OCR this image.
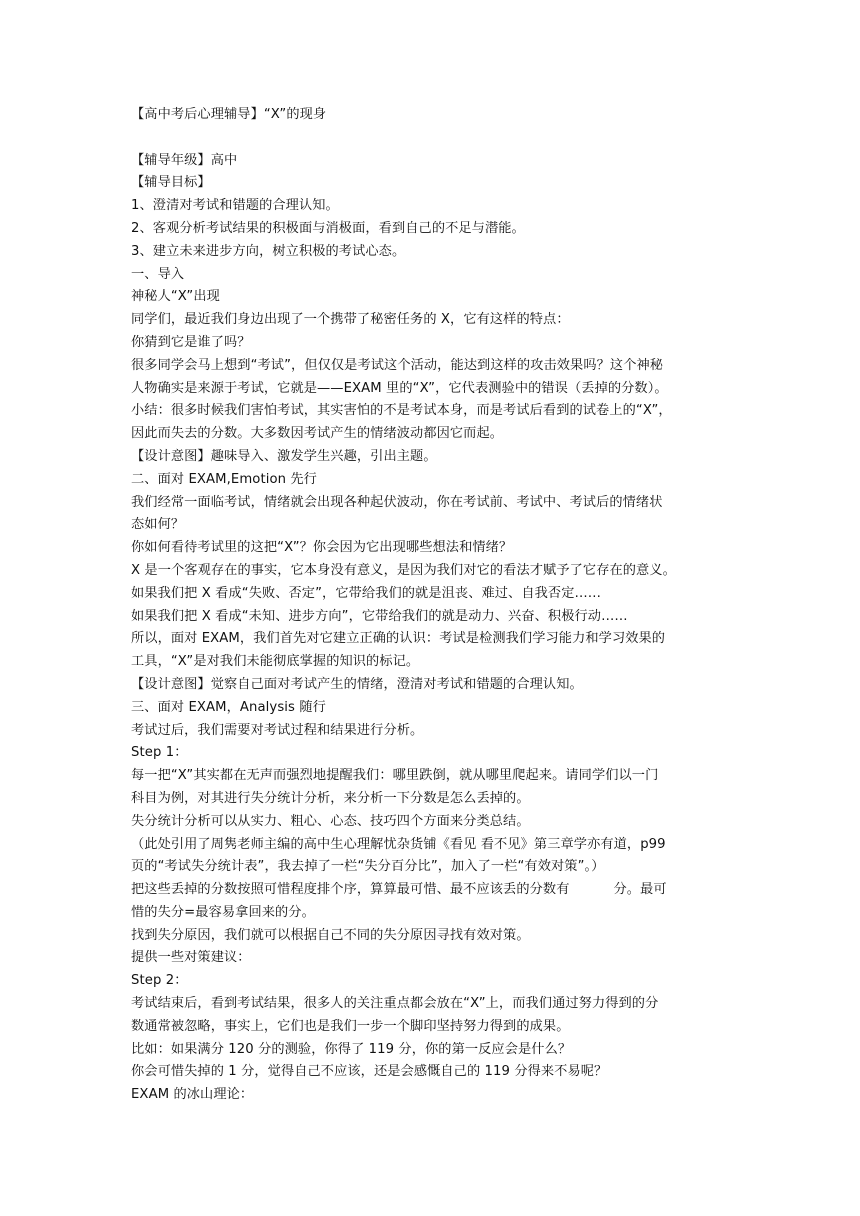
【高中考后心理辅导】“X”的现身
【辅导年级】高中
【辅导目标】
1、澄清对考试和错题的合理认知。
2、客观分析考试结果的积极面与消极面，看到自己的不足与潜能。
3、建立未来进步方向，树立积极的考试心态。
一、导入
神秘人“X”出现
同学们，最近我们身边出现了一个携带了秘密任务的 X，它有这样的特点：
你猜到它是谁了吗？
很多同学会马上想到“考试”，但仅仅是考试这个活动，能达到这样的攻击效果吗？这个神秘
人物确实是来源于考试，它就是——EXAM 里的“X”，它代表测验中的错误（丢掉的分数）。
小结：很多时候我们害怕考试，其实害怕的不是考试本身，而是考试后看到的试卷上的“X”，
因此而失去的分数。大多数因考试产生的情绪波动都因它而起。
【设计意图】趣味导入、激发学生兴趣，引出主题。
二、面对 EXAM,Emotion 先行
我们经常一面临考试，情绪就会出现各种起伏波动，你在考试前、考试中、考试后的情绪状
态如何？
你如何看待考试里的这把“X”？你会因为它出现哪些想法和情绪？
X 是一个客观存在的事实，它本身没有意义，是因为我们对它的看法才赋予了它存在的意义。
如果我们把 X 看成“失败、否定”，它带给我们的就是沮丧、难过、自我否定……
如果我们把 X 看成“未知、进步方向”，它带给我们的就是动力、兴奋、积极行动……
所以，面对 EXAM，我们首先对它建立正确的认识：考试是检测我们学习能力和学习效果的
工具，“X”是对我们未能彻底掌握的知识的标记。
【设计意图】觉察自己面对考试产生的情绪，澄清对考试和错题的合理认知。
三、面对 EXAM，Analysis 随行
考试过后，我们需要对考试过程和结果进行分析。
Step 1：
每一把“X”其实都在无声而强烈地提醒我们：哪里跌倒，就从哪里爬起来。请同学们以一门
科目为例，对其进行失分统计分析，来分析一下分数是怎么丢掉的。
失分统计分析可以从实力、粗心、心态、技巧四个方面来分类总结。
（此处引用了周隽老师主编的高中生心理解忧杂货铺《看见 看不见》第三章学亦有道，p99
页的“考试失分统计表”，我去掉了一栏“失分百分比”，加入了一栏“有效对策”。）
把这些丢掉的分数按照可惜程度排个序，算算最可惜、最不应该丢的分数有	分。最可
惜的失分=最容易拿回来的分。
找到失分原因，我们就可以根据自己不同的失分原因寻找有效对策。
提供一些对策建议：
Step 2：
考试结束后，看到考试结果，很多人的关注重点都会放在“X”上，而我们通过努力得到的分
数通常被忽略，事实上，它们也是我们一步一个脚印坚持努力得到的成果。
比如：如果满分 120 分的测验，你得了 119 分，你的第一反应会是什么？
你会可惜失掉的 1 分，觉得自己不应该，还是会感慨自己的 119 分得来不易呢？
EXAM 的冰山理论：
